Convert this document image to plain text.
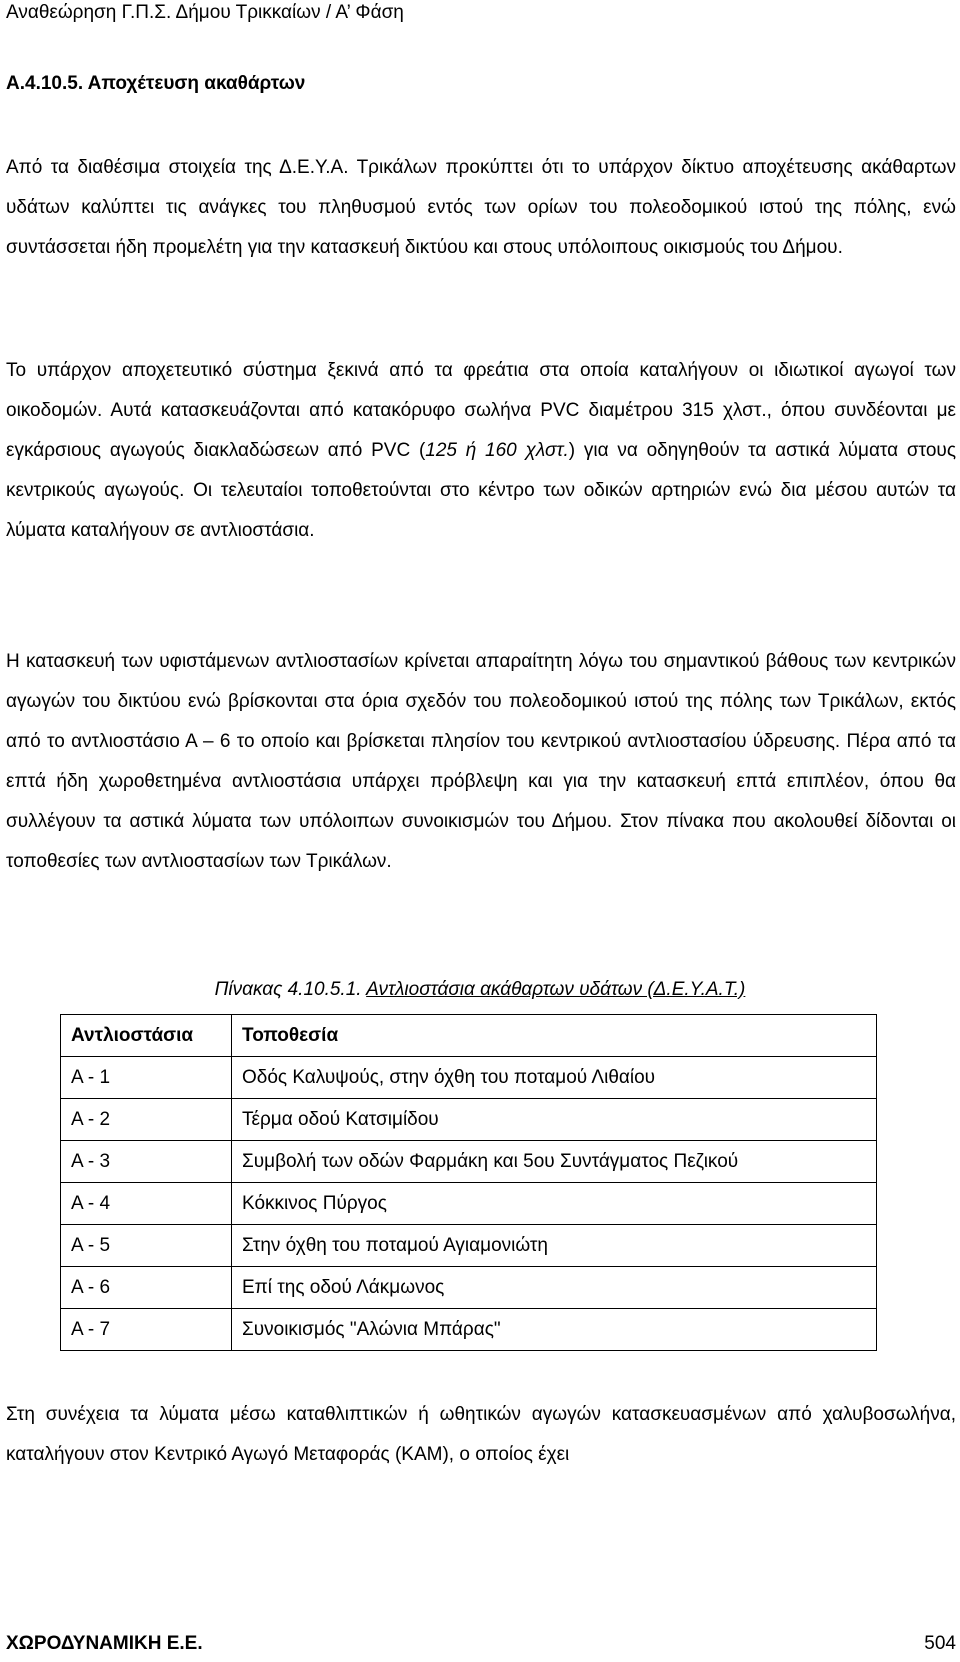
Αναθεώρηση Γ.Π.Σ. Δήμου Τρικκαίων / Α’ Φάση
Α.4.10.5. Αποχέτευση ακαθάρτων

Από τα διαθέσιμα στοιχεία της Δ.Ε.Υ.Α. Τρικάλων προκύπτει ότι το υπάρχον δίκτυο αποχέτευσης ακάθαρτων υδάτων καλύπτει τις ανάγκες του πληθυσμού εντός των ορίων του πολεοδομικού ιστού της πόλης, ενώ συντάσσεται ήδη προμελέτη για την κατασκευή δικτύου και στους υπόλοιπους οικισμούς του Δήμου.

Το υπάρχον αποχετευτικό σύστημα ξεκινά από τα φρεάτια στα οποία καταλήγουν οι ιδιωτικοί αγωγοί των οικοδομών. Αυτά κατασκευάζονται από κατακόρυφο σωλήνα PVC διαμέτρου 315 χλστ., όπου συνδέονται με εγκάρσιους αγωγούς διακλαδώσεων από PVC (125 ή 160 χλστ.) για να οδηγηθούν τα αστικά λύματα στους κεντρικούς αγωγούς. Οι τελευταίοι τοποθετούνται στο κέντρο των οδικών αρτηριών ενώ δια μέσου αυτών τα λύματα καταλήγουν σε αντλιοστάσια.

Η κατασκευή των υφιστάμενων αντλιοστασίων κρίνεται απαραίτητη λόγω του σημαντικού βάθους των κεντρικών αγωγών του δικτύου ενώ βρίσκονται στα όρια σχεδόν του πολεοδομικού ιστού της πόλης των Τρικάλων, εκτός από το αντλιοστάσιο Α – 6 το οποίο και βρίσκεται πλησίον του κεντρικού αντλιοστασίου ύδρευσης. Πέρα από τα επτά ήδη χωροθετημένα αντλιοστάσια υπάρχει πρόβλεψη και για την κατασκευή επτά επιπλέον, όπου θα συλλέγουν τα αστικά λύματα των υπόλοιπων συνοικισμών του Δήμου. Στον πίνακα που ακολουθεί δίδονται οι τοποθεσίες των αντλιοστασίων των Τρικάλων.

Πίνακας 4.10.5.1. Αντλιοστάσια ακάθαρτων υδάτων (Δ.Ε.Υ.Α.Τ.)
Αντλιοστάσια	Τοποθεσία
Α - 1	Οδός Καλυψούς, στην όχθη του ποταμού Λιθαίου
Α - 2	Τέρμα οδού Κατσιμίδου
Α - 3	Συμβολή των οδών Φαρμάκη και 5ου Συντάγματος Πεζικού
Α - 4	Κόκκινος Πύργος
Α - 5	Στην όχθη του ποταμού Αγιαμονιώτη
Α - 6	Επί της οδού Λάκμωνος
Α - 7	Συνοικισμός "Αλώνια Μπάρας"

Στη συνέχεια τα λύματα μέσω καταθλιπτικών ή ωθητικών αγωγών κατασκευασμένων από χαλυβοσωλήνα, καταλήγουν στον Κεντρικό Αγωγό Μεταφοράς (ΚΑΜ), ο οποίος έχει

ΧΩΡΟΔΥΝΑΜΙΚΗ Ε.Ε.	504
